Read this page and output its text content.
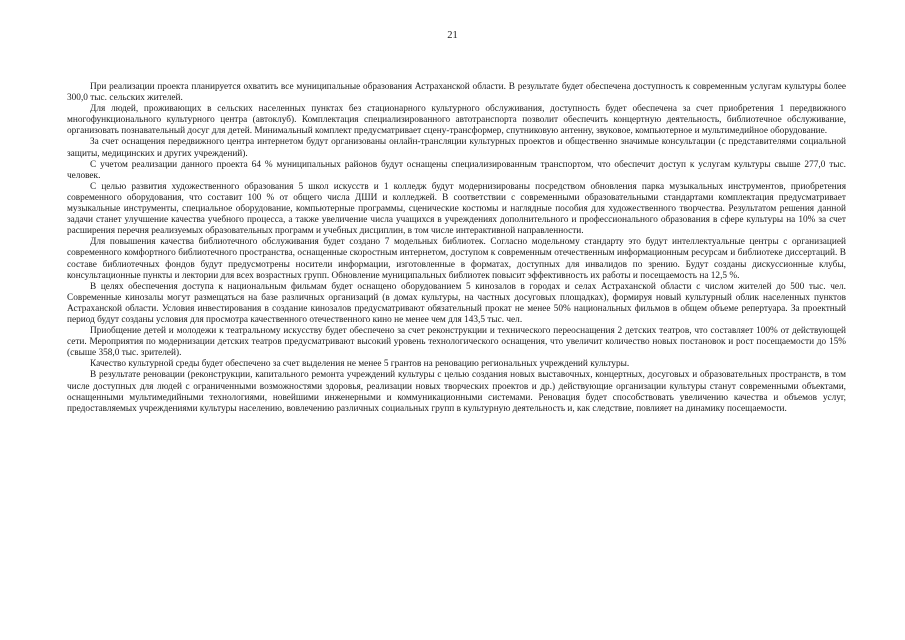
21

При реализации проекта планируется охватить все муниципальные образования Астраханской области. В результате будет обеспечена доступность к современным услугам культуры более 300,0 тыс. сельских жителей.

Для людей, проживающих в сельских населенных пунктах без стационарного культурного обслуживания, доступность будет обеспечена за счет приобретения 1 передвижного многофункционального культурного центра (автоклуб). Комплектация специализированного автотранспорта позволит обеспечить концертную деятельность, библиотечное обслуживание, организовать познавательный досуг для детей. Минимальный комплект предусматривает сцену-трансформер, спутниковую антенну, звуковое, компьютерное и мультимедийное оборудование.

За счет оснащения передвижного центра интернетом будут организованы онлайн-трансляции культурных проектов и общественно значимые консультации (с представителями социальной защиты, медицинских и других учреждений).

С учетом реализации данного проекта 64 % муниципальных районов будут оснащены специализированным транспортом, что обеспечит доступ к услугам культуры свыше 277,0 тыс. человек.

С целью развития художественного образования 5 школ искусств и 1 колледж будут модернизированы посредством обновления парка музыкальных инструментов, приобретения современного оборудования, что составит 100 % от общего числа ДШИ и колледжей. В соответствии с современными образовательными стандартами комплектация предусматривает музыкальные инструменты, специальное оборудование, компьютерные программы, сценические костюмы и наглядные пособия для художественного творчества. Результатом решения данной задачи станет улучшение качества учебного процесса, а также увеличение числа учащихся в учреждениях дополнительного и профессионального образования в сфере культуры на 10% за счет расширения перечня реализуемых образовательных программ и учебных дисциплин, в том числе интерактивной направленности.

Для повышения качества библиотечного обслуживания будет создано 7 модельных библиотек. Согласно модельному стандарту это будут интеллектуальные центры с организацией современного комфортного библиотечного пространства, оснащенные скоростным интернетом, доступом к современным отечественным информационным ресурсам и библиотеке диссертаций. В составе библиотечных фондов будут предусмотрены носители информации, изготовленные в форматах, доступных для инвалидов по зрению. Будут созданы дискуссионные клубы, консультационные пункты и лектории для всех возрастных групп. Обновление муниципальных библиотек повысит эффективность их работы и посещаемость на 12,5 %.

В целях обеспечения доступа к национальным фильмам будет оснащено оборудованием 5 кинозалов в городах и селах Астраханской области с числом жителей до 500 тыс. чел. Современные кинозалы могут размещаться на базе различных организаций (в домах культуры, на частных досуговых площадках), формируя новый культурный облик населенных пунктов Астраханской области. Условия инвестирования в создание кинозалов предусматривают обязательный прокат не менее 50% национальных фильмов в общем объеме репертуара. За проектный период будут созданы условия для просмотра качественного отечественного кино не менее чем для 143,5 тыс. чел.

Приобщение детей и молодежи к театральному искусству будет обеспечено за счет реконструкции и технического переоснащения 2 детских театров, что составляет 100% от действующей сети. Мероприятия по модернизации детских театров предусматривают высокий уровень технологического оснащения, что увеличит количество новых постановок и рост посещаемости до 15% (свыше 358,0 тыс. зрителей).

Качество культурной среды будет обеспечено за счет выделения не менее 5 грантов на реновацию региональных учреждений культуры.

В результате реновации (реконструкции, капитального ремонта учреждений культуры с целью создания новых выставочных, концертных, досуговых и образовательных пространств, в том числе доступных для людей с ограниченными возможностями здоровья, реализации новых творческих проектов и др.) действующие организации культуры станут современными объектами, оснащенными мультимедийными технологиями, новейшими инженерными и коммуникационными системами. Реновация будет способствовать увеличению качества и объемов услуг, предоставляемых учреждениями культуры населению, вовлечению различных социальных групп в культурную деятельность и, как следствие, повлияет на динамику посещаемости.
